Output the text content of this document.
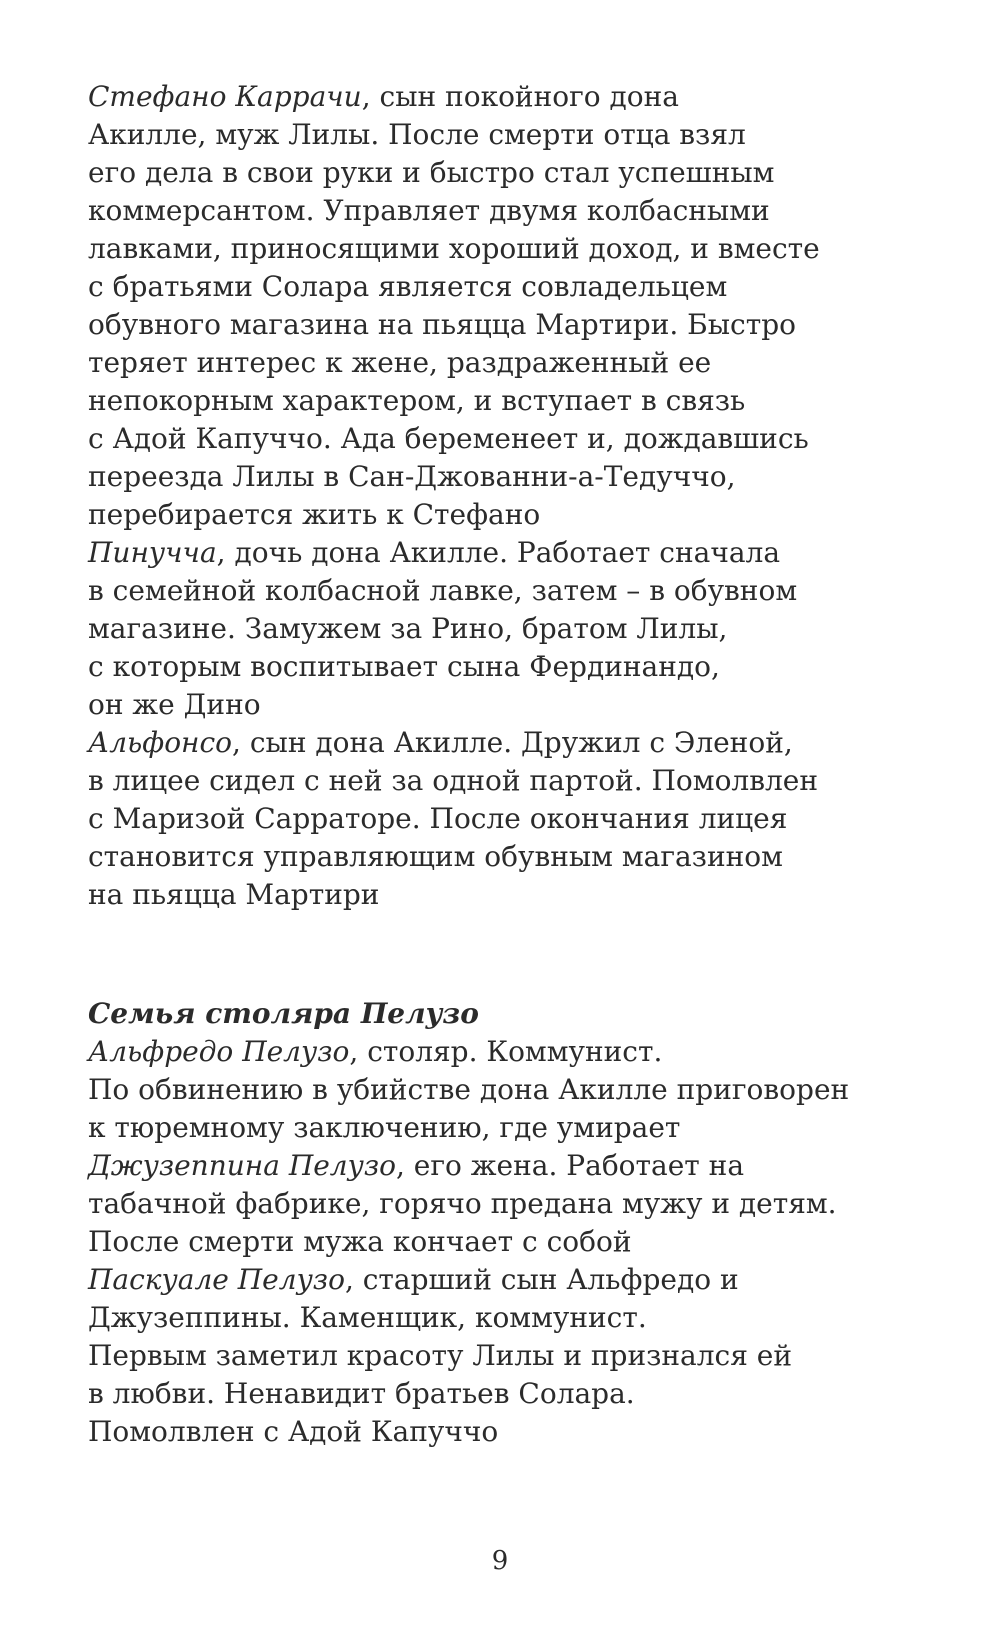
Стефано Каррачи, сын покойного дона
Акилле, муж Лилы. После смерти отца взял
его дела в свои руки и быстро стал успешным
коммерсантом. Управляет двумя колбасными
лавками, приносящими хороший доход, и вместе
с братьями Солара является совладельцем
обувного магазина на пьяцца Мартири. Быстро
теряет интерес к жене, раздраженный ее
непокорным характером, и вступает в связь
с Адой Капуччо. Ада беременеет и, дождавшись
переезда Лилы в Сан-Джованни-а-Тедуччо,
перебирается жить к Стефано

Пинучча, дочь дона Акилле. Работает сначала
в семейной колбасной лавке, затем – в обувном
магазине. Замужем за Рино, братом Лилы,
с которым воспитывает сына Фердинандо,
он же Дино

Альфонсо, сын дона Акилле. Дружил с Эленой,
в лицее сидел с ней за одной партой. Помолвлен
с Маризой Сарраторе. После окончания лицея
становится управляющим обувным магазином
на пьяцца Мартири

Семья столяра Пелузо

Альфредо Пелузо, столяр. Коммунист.
По обвинению в убийстве дона Акилле приговорен
к тюремному заключению, где умирает

Джузеппина Пелузо, его жена. Работает на
табачной фабрике, горячо предана мужу и детям.
После смерти мужа кончает с собой

Паскуале Пелузо, старший сын Альфредо и
Джузеппины. Каменщик, коммунист.
Первым заметил красоту Лилы и признался ей
в любви. Ненавидит братьев Солара.
Помолвлен с Адой Капуччо

9
